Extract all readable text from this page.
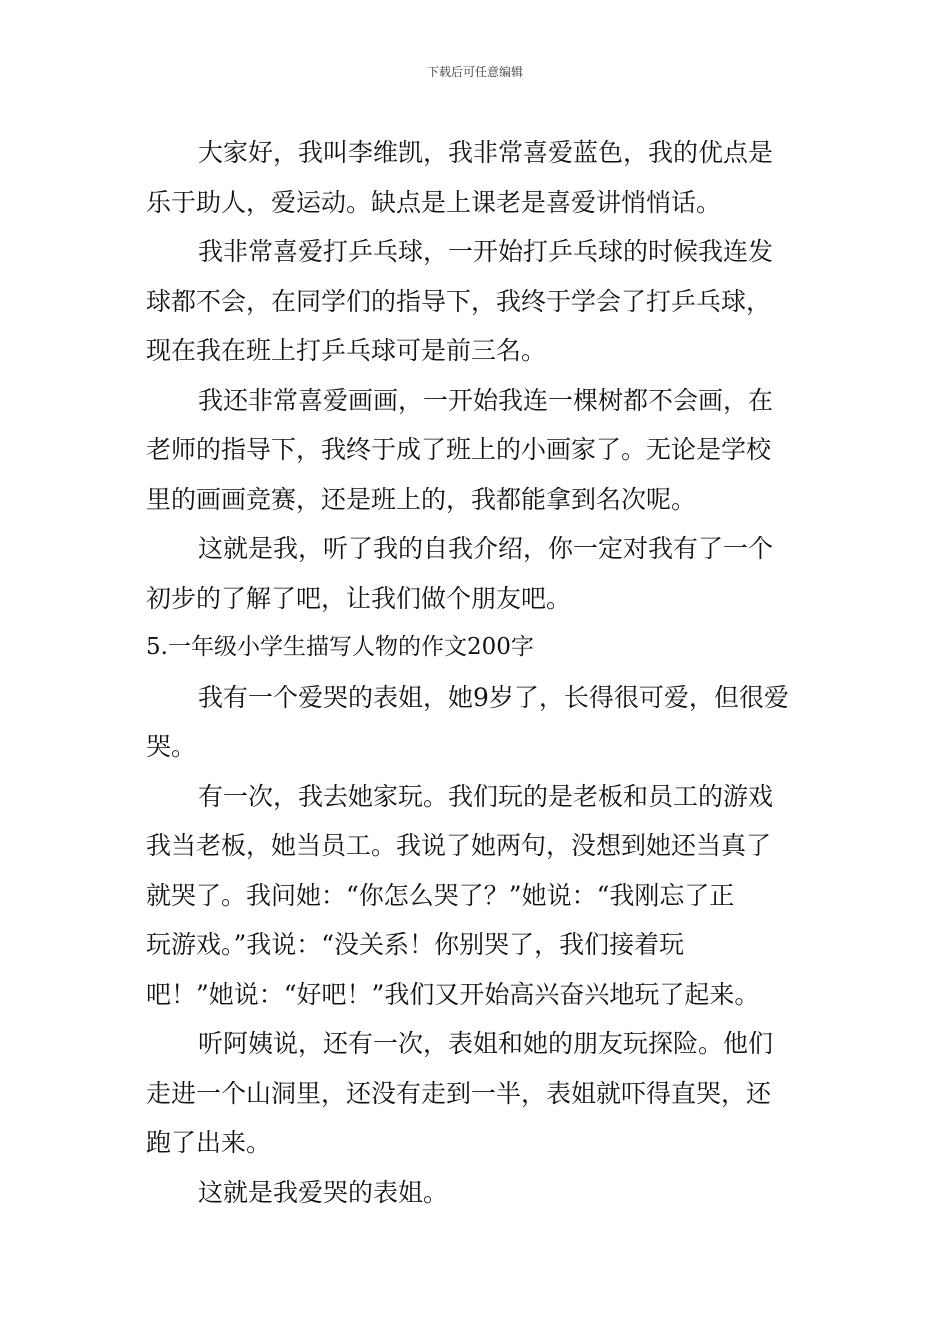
下载后可任意编辑

大家好，我叫李维凯，我非常喜爱蓝色，我的优点是
乐于助人，爱运动。缺点是上课老是喜爱讲悄悄话。

我非常喜爱打乒乓球，一开始打乒乓球的时候我连发
球都不会，在同学们的指导下，我终于学会了打乒乓球，
现在我在班上打乒乓球可是前三名。

我还非常喜爱画画，一开始我连一棵树都不会画，在
老师的指导下，我终于成了班上的小画家了。无论是学校
里的画画竞赛，还是班上的，我都能拿到名次呢。

这就是我，听了我的自我介绍，你一定对我有了一个
初步的了解了吧，让我们做个朋友吧。

5.一年级小学生描写人物的作文200字

我有一个爱哭的表姐，她9岁了，长得很可爱，但很爱
哭。

有一次，我去她家玩。我们玩的是老板和员工的游戏
我当老板，她当员工。我说了她两句，没想到她还当真了
就哭了。我问她：“你怎么哭了？”她说：“我刚忘了正
玩游戏。”我说：“没关系！你别哭了，我们接着玩
吧！”她说：“好吧！”我们又开始高兴奋兴地玩了起来。

听阿姨说，还有一次，表姐和她的朋友玩探险。他们
走进一个山洞里，还没有走到一半，表姐就吓得直哭，还
跑了出来。

这就是我爱哭的表姐。
